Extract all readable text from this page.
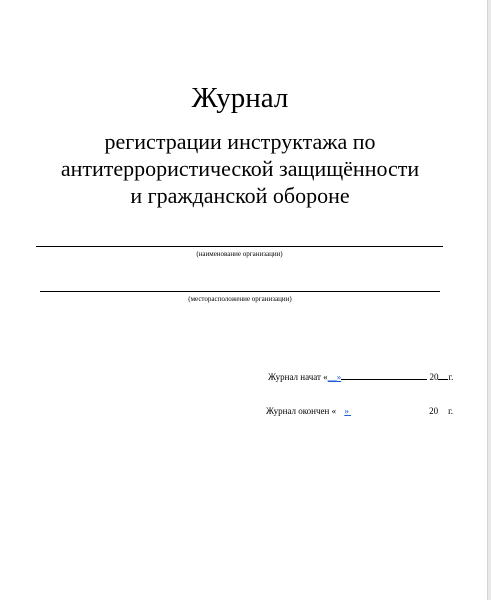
Журнал
регистрации инструктажа по
антитеррористической защищённости
и гражданской обороне
(наименование организации)
(месторасположение организации)
Журнал начат «__»	20 г.
Журнал окончен « »	20 г.
